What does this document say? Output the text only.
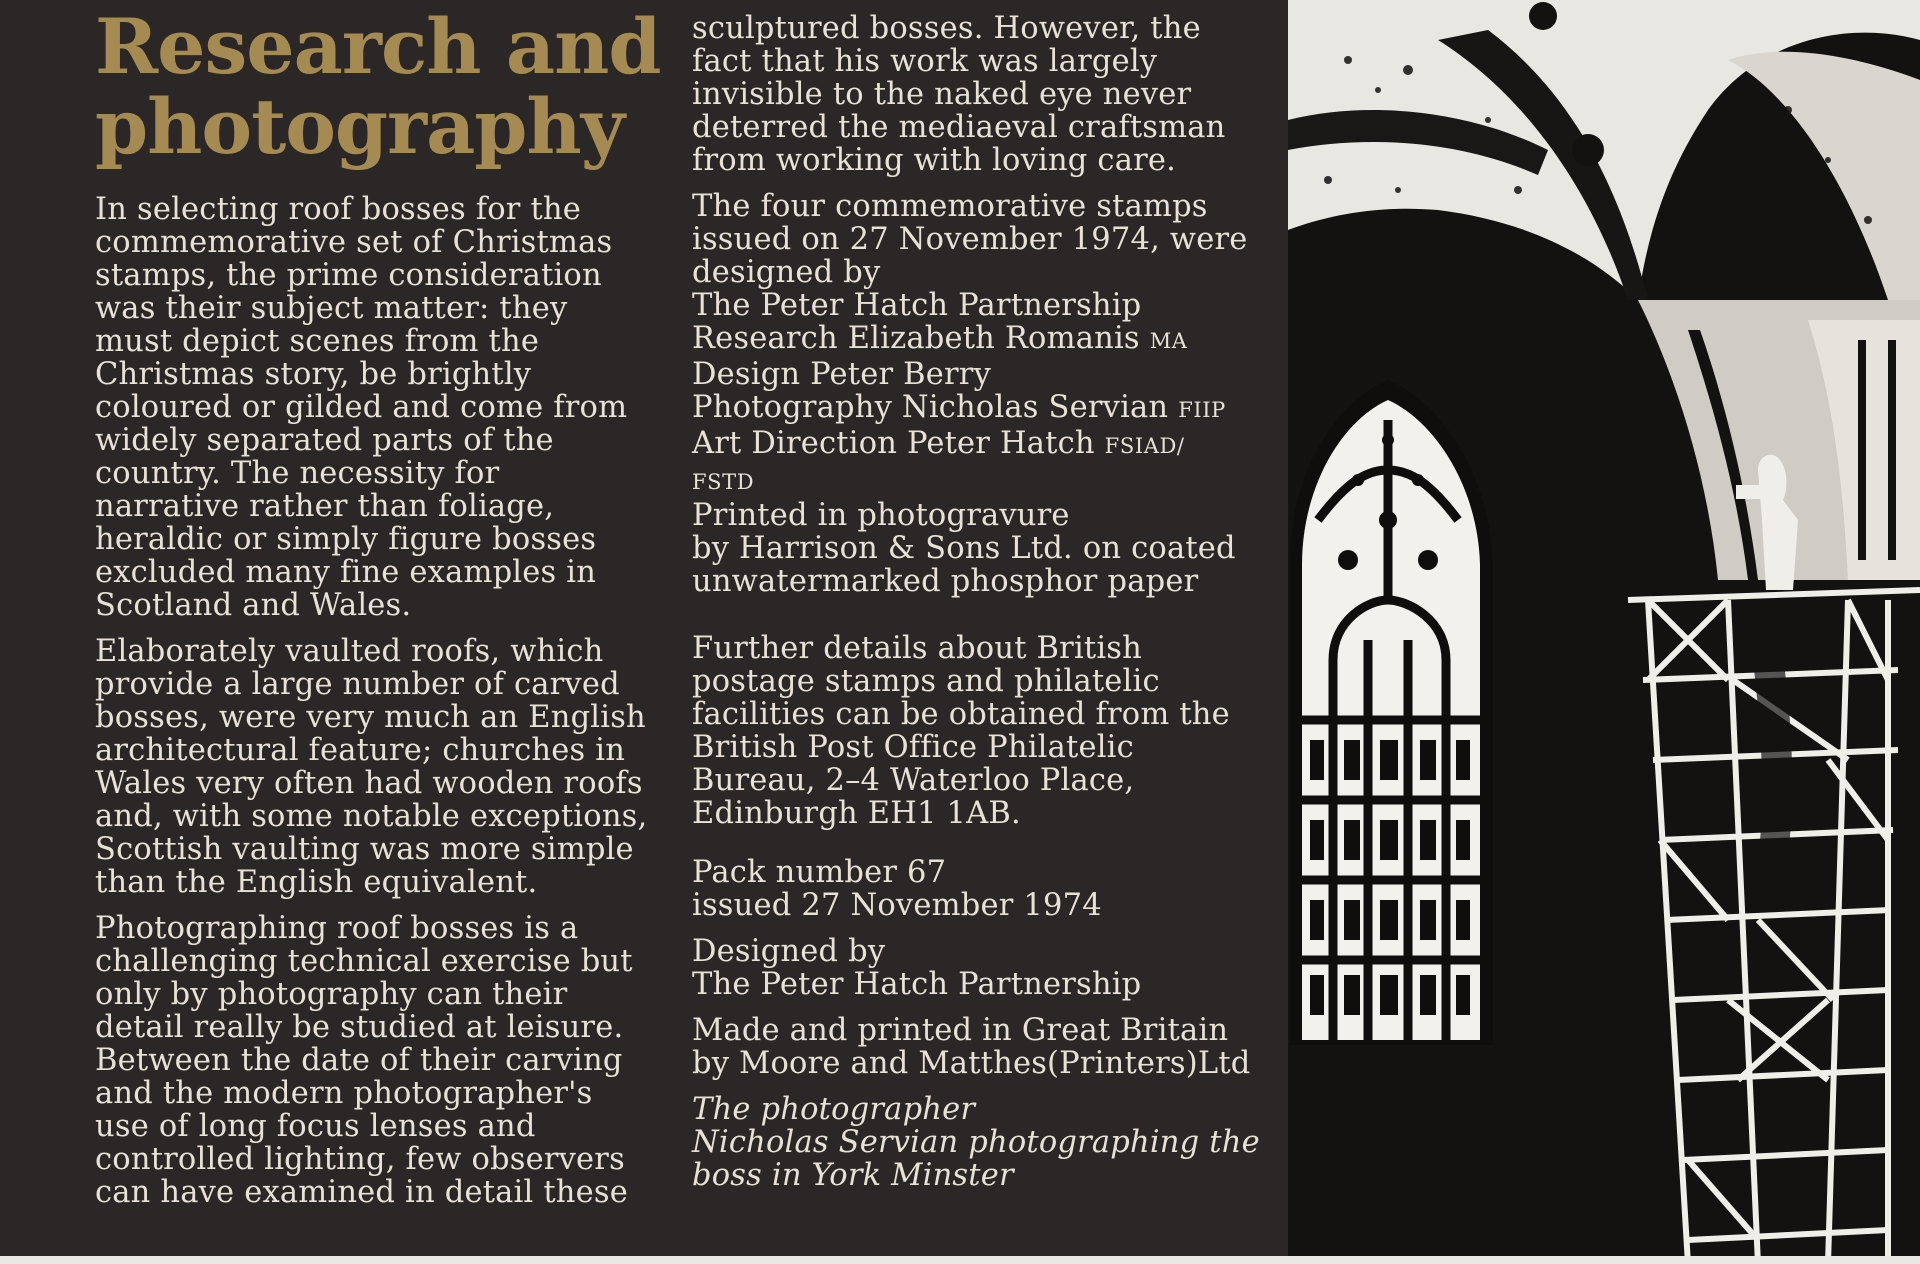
Research and
photography

In selecting roof bosses for the
commemorative set of Christmas
stamps, the prime consideration
was their subject matter: they
must depict scenes from the
Christmas story, be brightly
coloured or gilded and come from
widely separated parts of the
country. The necessity for
narrative rather than foliage,
heraldic or simply figure bosses
excluded many fine examples in
Scotland and Wales.

Elaborately vaulted roofs, which
provide a large number of carved
bosses, were very much an English
architectural feature; churches in
Wales very often had wooden roofs
and, with some notable exceptions,
Scottish vaulting was more simple
than the English equivalent.

Photographing roof bosses is a
challenging technical exercise but
only by photography can their
detail really be studied at leisure.
Between the date of their carving
and the modern photographer's
use of long focus lenses and
controlled lighting, few observers
can have examined in detail these

sculptured bosses. However, the
fact that his work was largely
invisible to the naked eye never
deterred the mediaeval craftsman
from working with loving care.

The four commemorative stamps
issued on 27 November 1974, were
designed by
The Peter Hatch Partnership
Research Elizabeth Romanis MA
Design Peter Berry
Photography Nicholas Servian FIIP
Art Direction Peter Hatch FSIAD/
FSTD
Printed in photogravure
by Harrison & Sons Ltd. on coated
unwatermarked phosphor paper

Further details about British
postage stamps and philatelic
facilities can be obtained from the
British Post Office Philatelic
Bureau, 2–4 Waterloo Place,
Edinburgh EH1 1AB.

Pack number 67
issued 27 November 1974

Designed by
The Peter Hatch Partnership

Made and printed in Great Britain
by Moore and Matthes(Printers)Ltd

The photographer
Nicholas Servian photographing the
boss in York Minster
